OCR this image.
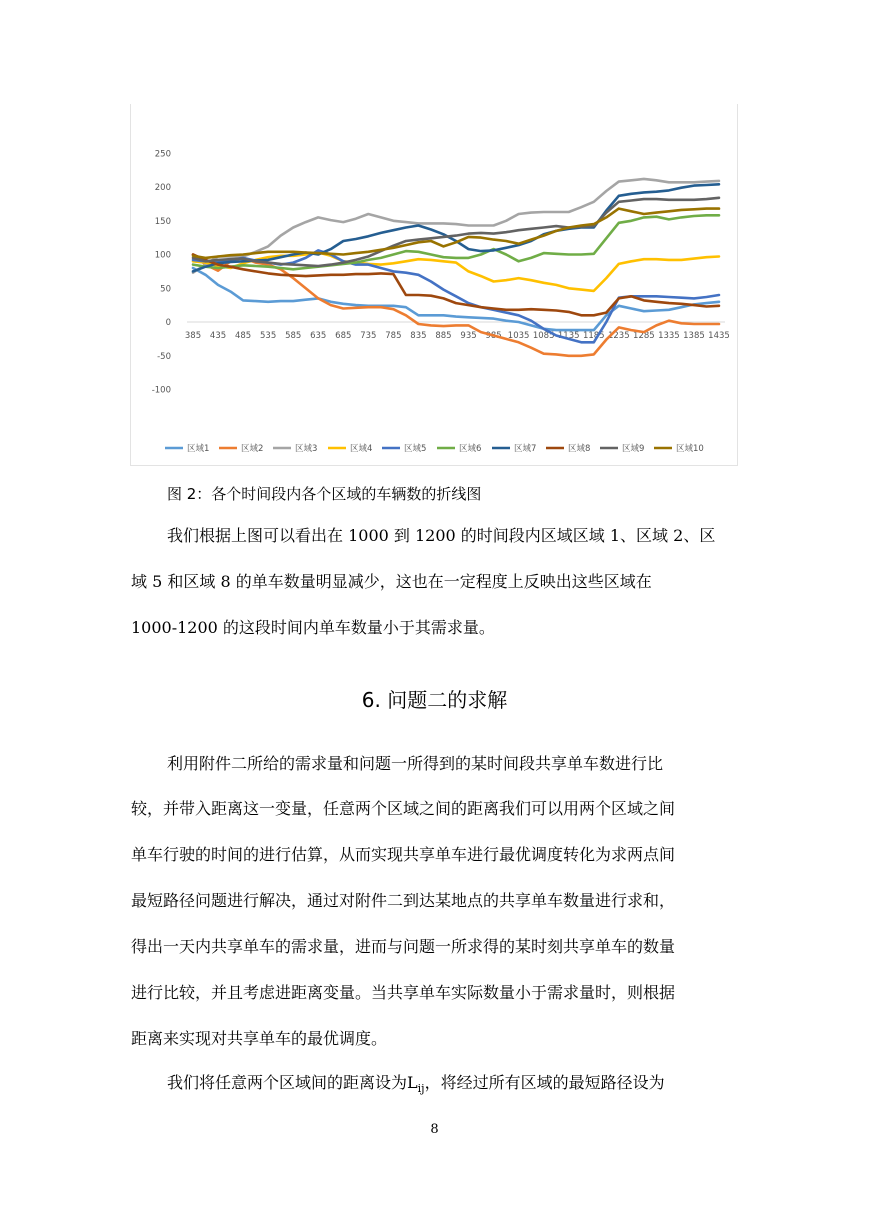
250
200
150
100
50
0
-50
-100
385 435 485 535 585 635 685 735 785 835 885 935 985 1035 1085 1135 1185 1235 1285 1335 1385 1435
区域1	区域2	区域3	区域4	区域5	区域6	区域7	区域8	区域9	区域10
图 2：各个时间段内各个区域的车辆数的折线图
我们根据上图可以看出在 1000 到 1200 的时间段内区域区域 1、区域 2、区
域 5 和区域 8 的单车数量明显减少，这也在一定程度上反映出这些区域在
1000-1200 的这段时间内单车数量小于其需求量。
6. 问题二的求解
利用附件二所给的需求量和问题一所得到的某时间段共享单车数进行比
较，并带入距离这一变量，任意两个区域之间的距离我们可以用两个区域之间
单车行驶的时间的进行估算，从而实现共享单车进行最优调度转化为求两点间
最短路径问题进行解决，通过对附件二到达某地点的共享单车数量进行求和，
得出一天内共享单车的需求量，进而与问题一所求得的某时刻共享单车的数量
进行比较，并且考虑进距离变量。当共享单车实际数量小于需求量时，则根据
距离来实现对共享单车的最优调度。
我们将任意两个区域间的距离设为$L_{ij}$，将经过所有区域的最短路径设为
8
